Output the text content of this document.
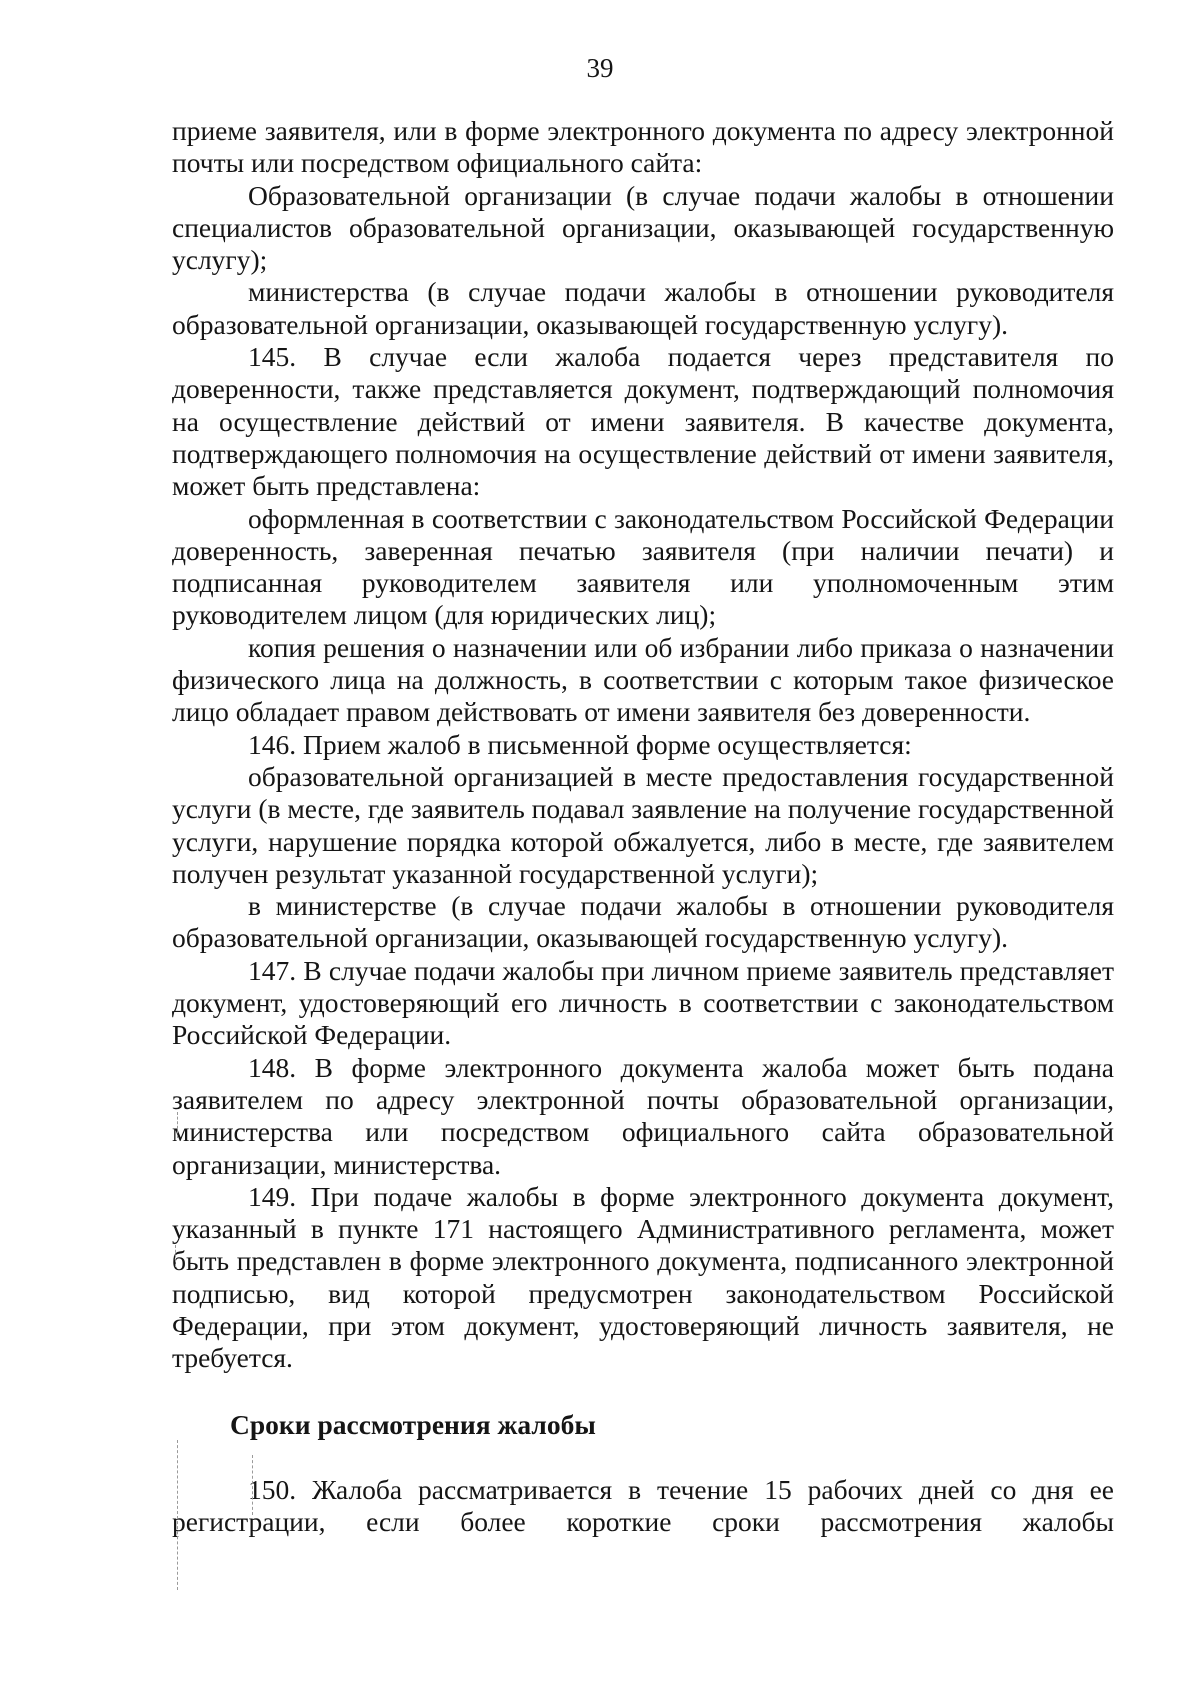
39

приеме заявителя, или в форме электронного документа по адресу электронной почты или посредством официального сайта:

Образовательной организации (в случае подачи жалобы в отношении специалистов образовательной организации, оказывающей государственную услугу);

министерства (в случае подачи жалобы в отношении руководителя образовательной организации, оказывающей государственную услугу).

145. В случае если жалоба подается через представителя по доверенности, также представляется документ, подтверждающий полномочия на осуществление действий от имени заявителя. В качестве документа, подтверждающего полномочия на осуществление действий от имени заявителя, может быть представлена:

оформленная в соответствии с законодательством Российской Федерации доверенность, заверенная печатью заявителя (при наличии печати) и подписанная руководителем заявителя или уполномоченным этим руководителем лицом (для юридических лиц);

копия решения о назначении или об избрании либо приказа о назначении физического лица на должность, в соответствии с которым такое физическое лицо обладает правом действовать от имени заявителя без доверенности.

146. Прием жалоб в письменной форме осуществляется:

образовательной организацией в месте предоставления государственной услуги (в месте, где заявитель подавал заявление на получение государственной услуги, нарушение порядка которой обжалуется, либо в месте, где заявителем получен результат указанной государственной услуги);

в министерстве (в случае подачи жалобы в отношении руководителя образовательной организации, оказывающей государственную услугу).

147. В случае подачи жалобы при личном приеме заявитель представляет документ, удостоверяющий его личность в соответствии с законодательством Российской Федерации.

148. В форме электронного документа жалоба может быть подана заявителем по адресу электронной почты образовательной организации, министерства или посредством официального сайта образовательной организации, министерства.

149. При подаче жалобы в форме электронного документа документ, указанный в пункте 171 настоящего Административного регламента, может быть представлен в форме электронного документа, подписанного электронной подписью, вид которой предусмотрен законодательством Российской Федерации, при этом документ, удостоверяющий личность заявителя, не требуется.

Сроки рассмотрения жалобы

150. Жалоба рассматривается в течение 15 рабочих дней со дня ее регистрации, если более короткие сроки рассмотрения жалобы
